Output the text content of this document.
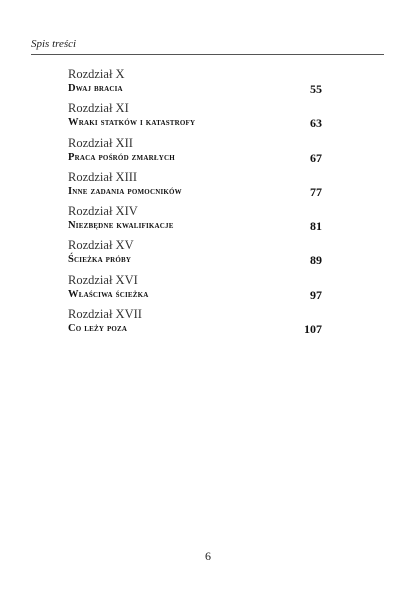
Spis treści
Rozdział X
Dwaj bracia	55
Rozdział XI
Wraki statków i katastrofy	63
Rozdział XII
Praca pośród zmarłych	67
Rozdział XIII
Inne zadania pomocników	77
Rozdział XIV
Niezbędne kwalifikacje	81
Rozdział XV
Ścieżka próby	89
Rozdział XVI
Właściwa ścieżka	97
Rozdział XVII
Co leży poza	107
6
